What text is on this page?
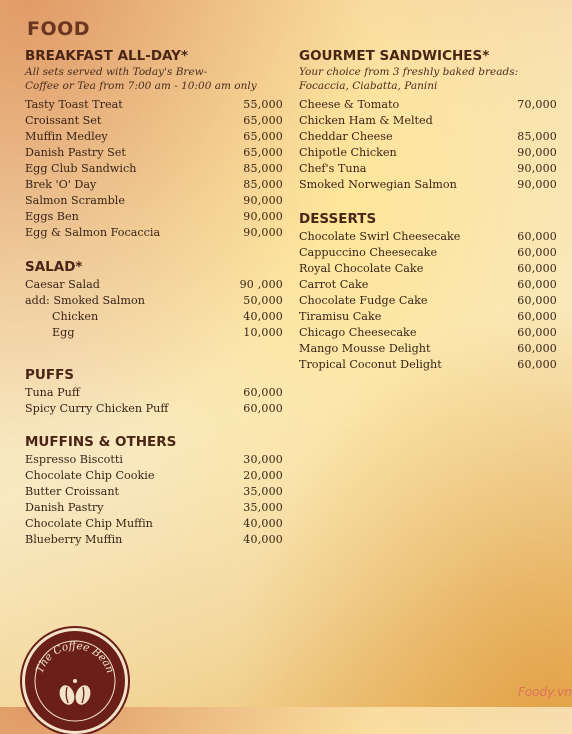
FOOD
BREAKFAST ALL-DAY*
All sets served with Today's Brew-
Coffee or Tea from 7:00 am - 10:00 am only
Tasty Toast Treat	55,000
Croissant Set	65,000
Muffin Medley	65,000
Danish Pastry Set	65,000
Egg Club Sandwich	85,000
Brek 'O' Day	85,000
Salmon Scramble	90,000
Eggs Ben	90,000
Egg & Salmon Focaccia	90,000
SALAD*
Caesar Salad	90 ,000
add: Smoked Salmon	50,000
Chicken	40,000
Egg	10,000
PUFFS
Tuna Puff	60,000
Spicy Curry Chicken Puff	60,000
MUFFINS & OTHERS
Espresso Biscotti	30,000
Chocolate Chip Cookie	20,000
Butter Croissant	35,000
Danish Pastry	35,000
Chocolate Chip Muffin	40,000
Blueberry Muffin	40,000
GOURMET SANDWICHES*
Your choice from 3 freshly baked breads:
Focaccia, Ciabatta, Panini
Cheese & Tomato	70,000
Chicken Ham & Melted
Cheddar Cheese	85,000
Chipotle Chicken	90,000
Chef's Tuna	90,000
Smoked Norwegian Salmon	90,000
DESSERTS
Chocolate Swirl Cheesecake	60,000
Cappuccino Cheesecake	60,000
Royal Chocolate Cake	60,000
Carrot Cake	60,000
Chocolate Fudge Cake	60,000
Tiramisu Cake	60,000
Chicago Cheesecake	60,000
Mango Mousse Delight	60,000
Tropical Coconut Delight	60,000
The Coffee Bean
Foody.vn
